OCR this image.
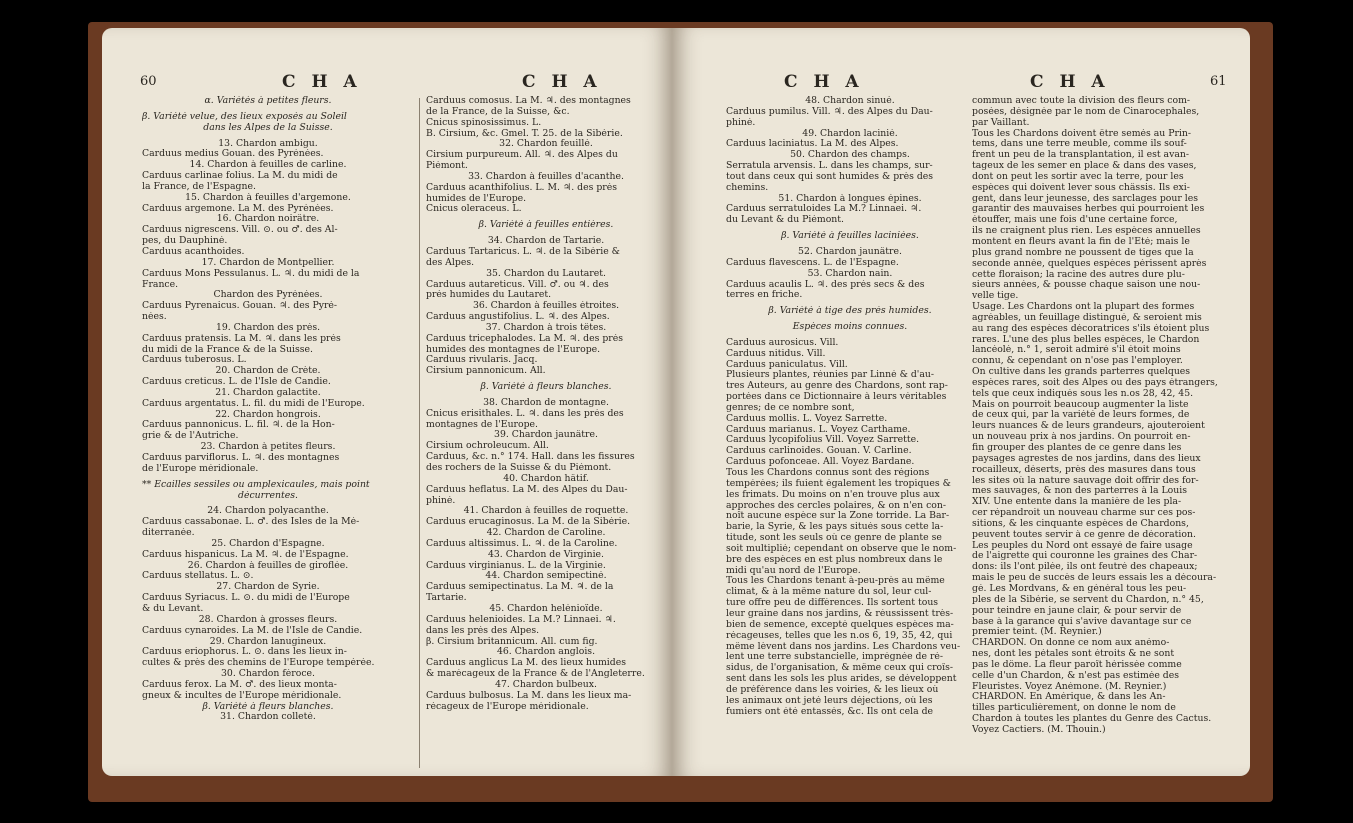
60	C H A	C H A

α. Variétés à petites fleurs.

β. Variété velue, des lieux exposés au Soleil

dans les Alpes de la Suisse.

13. Chardon ambigu.

Carduus medius Gouan. des Pyrénées.

14. Chardon à feuilles de carline.

Carduus carlinae folius. La M. du midi de

la France, de l'Espagne.

15. Chardon à feuilles d'argemone.

Carduus argemone. La M. des Pyrénées.

16. Chardon noirâtre.

Carduus nigrescens. Vill. ⊙. ou ♂. des Al-

pes, du Dauphiné.

Carduus acanthoides.

17. Chardon de Montpellier.

Carduus Mons Pessulanus. L. ♃. du midi de la

France.

Chardon des Pyrénées.

Carduus Pyrenaicus. Gouan. ♃. des Pyré-

nées.

19. Chardon des prés.

Carduus pratensis. La M. ♃. dans les prés

du midi de la France & de la Suisse.

Carduus tuberosus. L.

20. Chardon de Crète.

Carduus creticus. L. de l'Isle de Candie.

21. Chardon galactite.

Carduus argentatus. L. fil. du midi de l'Europe.

22. Chardon hongrois.

Carduus pannonicus. L. fil. ♃. de la Hon-

grie & de l'Autriche.

23. Chardon à petites fleurs.

Carduus parviflorus. L. ♃. des montagnes

de l'Europe méridionale.

** Ecailles sessiles ou amplexicaules, mais point

décurrentes.

24. Chardon polyacanthe.

Carduus cassabonae. L. ♂. des Isles de la Mé-

diterranée.

25. Chardon d'Espagne.

Carduus hispanicus. La M. ♃. de l'Espagne.

26. Chardon à feuilles de giroflée.

Carduus stellatus. L. ⊙.

27. Chardon de Syrie.

Carduus Syriacus. L. ⊙. du midi de l'Europe

& du Levant.

28. Chardon à grosses fleurs.

Carduus cynaroides. La M. de l'Isle de Candie.

29. Chardon lanugineux.

Carduus eriophorus. L. ⊙. dans les lieux in-

cultes & près des chemins de l'Europe tempérée.

30. Chardon féroce.

Carduus ferox. La M. ♂. des lieux monta-

gneux & incultes de l'Europe méridionale.

β. Variété à fleurs blanches.

31. Chardon colleté.

Carduus comosus. La M. ♃. des montagnes

de la France, de la Suisse, &c.

Cnicus spinosissimus. L.

B. Cirsium, &c. Gmel. T. 25. de la Sibérie.

32. Chardon feuillé.

Cirsium purpureum. All. ♃. des Alpes du

Piémont.

33. Chardon à feuilles d'acanthe.

Carduus acanthifolius. L. M. ♃. des prés

humides de l'Europe.

Cnicus oleraceus. L.

β. Variété à feuilles entières.

34. Chardon de Tartarie.

Carduus Tartaricus. L. ♃. de la Sibérie &

des Alpes.

35. Chardon du Lautaret.

Carduus autareticus. Vill. ♂. ou ♃. des

prés humides du Lautaret.

36. Chardon à feuilles étroites.

Carduus angustifolius. L. ♃. des Alpes.

37. Chardon à trois têtes.

Carduus tricephalodes. La M. ♃. des prés

humides des montagnes de l'Europe.

Carduus rivularis. Jacq.

Cirsium pannonicum. All.

β. Variété à fleurs blanches.

38. Chardon de montagne.

Cnicus erisithales. L. ♃. dans les prés des

montagnes de l'Europe.

39. Chardon jaunâtre.

Cirsium ochroleucum. All.

Carduus, &c. n.° 174. Hall. dans les fissures

des rochers de la Suisse & du Piémont.

40. Chardon hâtif.

Carduus heflatus. La M. des Alpes du Dau-

phiné.

41. Chardon à feuilles de roquette.

Carduus erucaginosus. La M. de la Sibérie.

42. Chardon de Caroline.

Carduus altissimus. L. ♃. de la Caroline.

43. Chardon de Virginie.

Carduus virginianus. L. de la Virginie.

44. Chardon semipectiné.

Carduus semipectinatus. La M. ♃. de la

Tartarie.

45. Chardon helénioïde.

Carduus helenioides. La M.? Linnaei. ♃.

dans les prés des Alpes.

β. Cirsium britannicum. All. cum fig.

46. Chardon anglois.

Carduus anglicus La M. des lieux humides

& marécageux de la France & de l'Angleterre.

47. Chardon bulbeux.

Carduus bulbosus. La M. dans les lieux ma-

récageux de l'Europe méridionale.

C H A	C H A	61

48. Chardon sinué.

Carduus pumilus. Vill. ♃. des Alpes du Dau-

phiné.

49. Chardon lacinié.

Carduus laciniatus. La M. des Alpes.

50. Chardon des champs.

Serratula arvensis. L. dans les champs, sur-

tout dans ceux qui sont humides & près des

chemins.

51. Chardon à longues épines.

Carduus serratuloides La M.? Linnaei. ♃.

du Levant & du Piémont.

β. Variété à feuilles laciniées.

52. Chardon jaunâtre.

Carduus flavescens. L. de l'Espagne.

53. Chardon nain.

Carduus acaulis L. ♃. des prés secs & des

terres en friche.

β. Variété à tige des prés humides.

Espèces moins connues.

Carduus aurosicus. Vill.

Carduus nitidus. Vill.

Carduus paniculatus. Vill.

Plusieurs plantes, réunies par Linné & d'au-

tres Auteurs, au genre des Chardons, sont rap-

portées dans ce Dictionnaire à leurs véritables

genres; de ce nombre sont,

Carduus mollis. L. Voyez Sarrette.

Carduus marianus. L. Voyez Carthame.

Carduus lycopifolius Vill. Voyez Sarrette.

Carduus carlinoides. Gouan. V. Carline.

Carduus pofonceae. All. Voyez Bardane.

Tous les Chardons connus sont des régions

tempérées; ils fuient également les tropiques &

les frimats. Du moins on n'en trouve plus aux

approches des cercles polaires, & on n'en con-

noît aucune espèce sur la Zone torride. La Bar-

barie, la Syrie, & les pays situés sous cette la-

titude, sont les seuls où ce genre de plante se

soit multiplié; cependant on observe que le nom-

bre des espèces en est plus nombreux dans le

midi qu'au nord de l'Europe.

Tous les Chardons tenant à-peu-près au même

climat, & à la même nature du sol, leur cul-

ture offre peu de différences. Ils sortent tous

leur graine dans nos jardins, & réussissent très-

bien de semence, excepté quelques espèces ma-

récageuses, telles que les n.os 6, 19, 35, 42, qui

même lèvent dans nos jardins. Les Chardons veu-

lent une terre substancielle, imprégnée de ré-

sidus, de l'organisation, & même ceux qui croîs-

sent dans les sols les plus arides, se développent

de préférence dans les voiries, & les lieux où

les animaux ont jeté leurs déjections, où les

fumiers ont été entassés, &c. Ils ont cela de

commun avec toute la division des fleurs com-

posées, désignée par le nom de Cinarocephales,

par Vaillant.

Tous les Chardons doivent être semés au Prin-

tems, dans une terre meuble, comme ils souf-

frent un peu de la transplantation, il est avan-

tageux de les semer en place & dans des vases,

dont on peut les sortir avec la terre, pour les

espèces qui doivent lever sous châssis. Ils exi-

gent, dans leur jeunesse, des sarclages pour les

garantir des mauvaises herbes qui pourroient les

étouffer, mais une fois d'une certaine force,

ils ne craignent plus rien. Les espèces annuelles

montent en fleurs avant la fin de l'Eté; mais le

plus grand nombre ne poussent de tiges que la

seconde année, quelques espèces périssent après

cette floraison; la racine des autres dure plu-

sieurs années, & pousse chaque saison une nou-

velle tige.

Usage. Les Chardons ont la plupart des formes

agréables, un feuillage distingué, & seroient mis

au rang des espèces décoratrices s'ils étoient plus

rares. L'une des plus belles espèces, le Chardon

lancéolé, n.° 1, seroit admiré s'il étoit moins

connu, & cependant on n'ose pas l'employer.

On cultive dans les grands parterres quelques

espèces rares, soit des Alpes ou des pays étrangers,

tels que ceux indiqués sous les n.os 28, 42, 45.

Mais on pourroit beaucoup augmenter la liste

de ceux qui, par la variété de leurs formes, de

leurs nuances & de leurs grandeurs, ajouteroient

un nouveau prix à nos jardins. On pourroit en-

fin grouper des plantes de ce genre dans les

paysages agrestes de nos jardins, dans des lieux

rocailleux, déserts, près des masures dans tous

les sites où la nature sauvage doit offrir des for-

mes sauvages, & non des parterres à la Louis

XIV. Une entente dans la manière de les pla-

cer répandroit un nouveau charme sur ces pos-

sitions, & les cinquante espèces de Chardons,

peuvent toutes servir à ce genre de décoration.

Les peuples du Nord ont essayé de faire usage

de l'aigrette qui couronne les graines des Char-

dons: ils l'ont pilée, ils ont feutré des chapeaux;

mais le peu de succès de leurs essais les a découra-

gé. Les Mordvans, & en général tous les peu-

ples de la Sibérie, se servent du Chardon, n.° 45,

pour teindre en jaune clair, & pour servir de

base à la garance qui s'avive davantage sur ce

premier teint. (M. Reynier.)

CHARDON. On donne ce nom aux anémo-

nes, dont les pétales sont étroits & ne sont

pas le dôme. La fleur paroît hérissée comme

celle d'un Chardon, & n'est pas estimée des

Fleuristes. Voyez Anémone. (M. Reynier.)

CHARDON. En Amérique, & dans les An-

tilles particulièrement, on donne le nom de

Chardon à toutes les plantes du Genre des Cactus.

Voyez Cactiers. (M. Thouin.)
